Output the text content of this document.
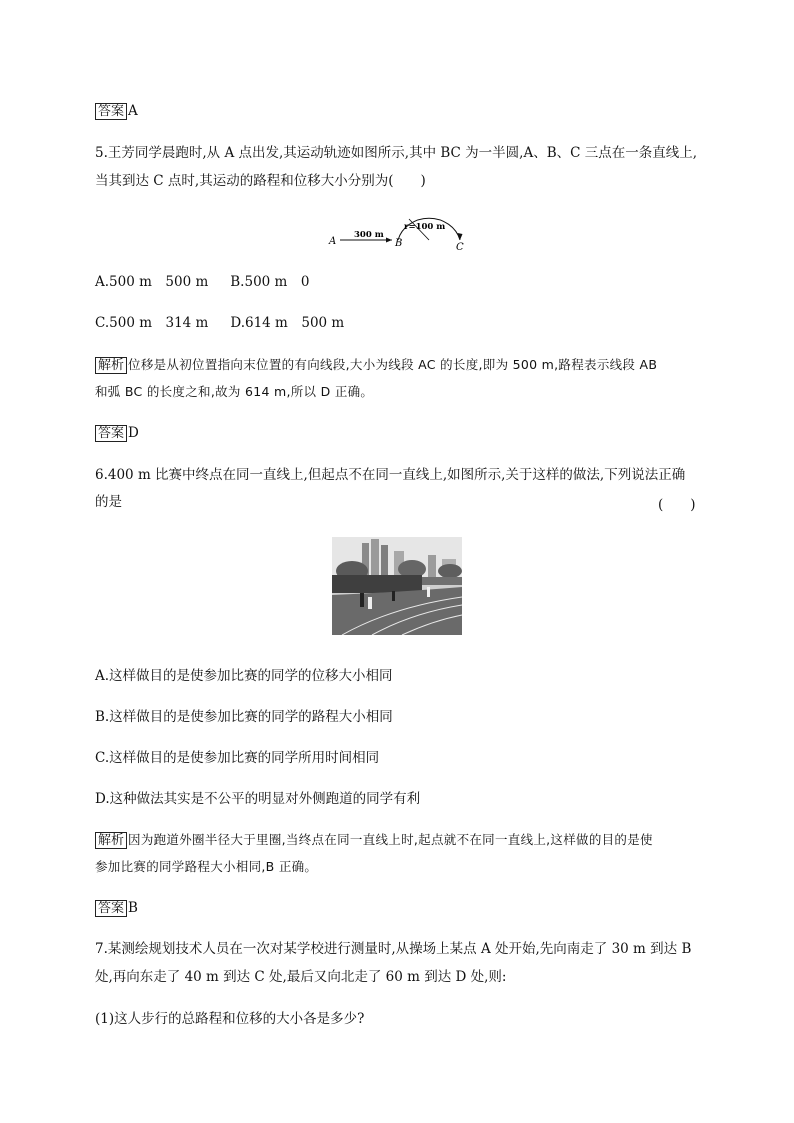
答案 A
5.王芳同学晨跑时,从 A 点出发,其运动轨迹如图所示,其中 BC 为一半圆,A、B、C 三点在一条直线上,
当其到达 C 点时,其运动的路程和位移大小分别为(　　)
A
300 m
B
r=100 m
C
A.500 m　500 m B.500 m　0
C.500 m　314 m D.614 m　500 m
解析 位移是从初位置指向末位置的有向线段,大小为线段 AC 的长度,即为 500 m,路程表示线段 AB
和弧 BC 的长度之和,故为 614 m,所以 D 正确。
答案 D
6.400 m 比赛中终点在同一直线上,但起点不在同一直线上,如图所示,关于这样的做法,下列说法正确
的是	(　　)
A.这样做目的是使参加比赛的同学的位移大小相同
B.这样做目的是使参加比赛的同学的路程大小相同
C.这样做目的是使参加比赛的同学所用时间相同
D.这种做法其实是不公平的明显对外侧跑道的同学有利
解析 因为跑道外圈半径大于里圈,当终点在同一直线上时,起点就不在同一直线上,这样做的目的是使
参加比赛的同学路程大小相同,B 正确。
答案 B
7.某测绘规划技术人员在一次对某学校进行测量时,从操场上某点 A 处开始,先向南走了 30 m 到达 B
处,再向东走了 40 m 到达 C 处,最后又向北走了 60 m 到达 D 处,则:
(1)这人步行的总路程和位移的大小各是多少?
